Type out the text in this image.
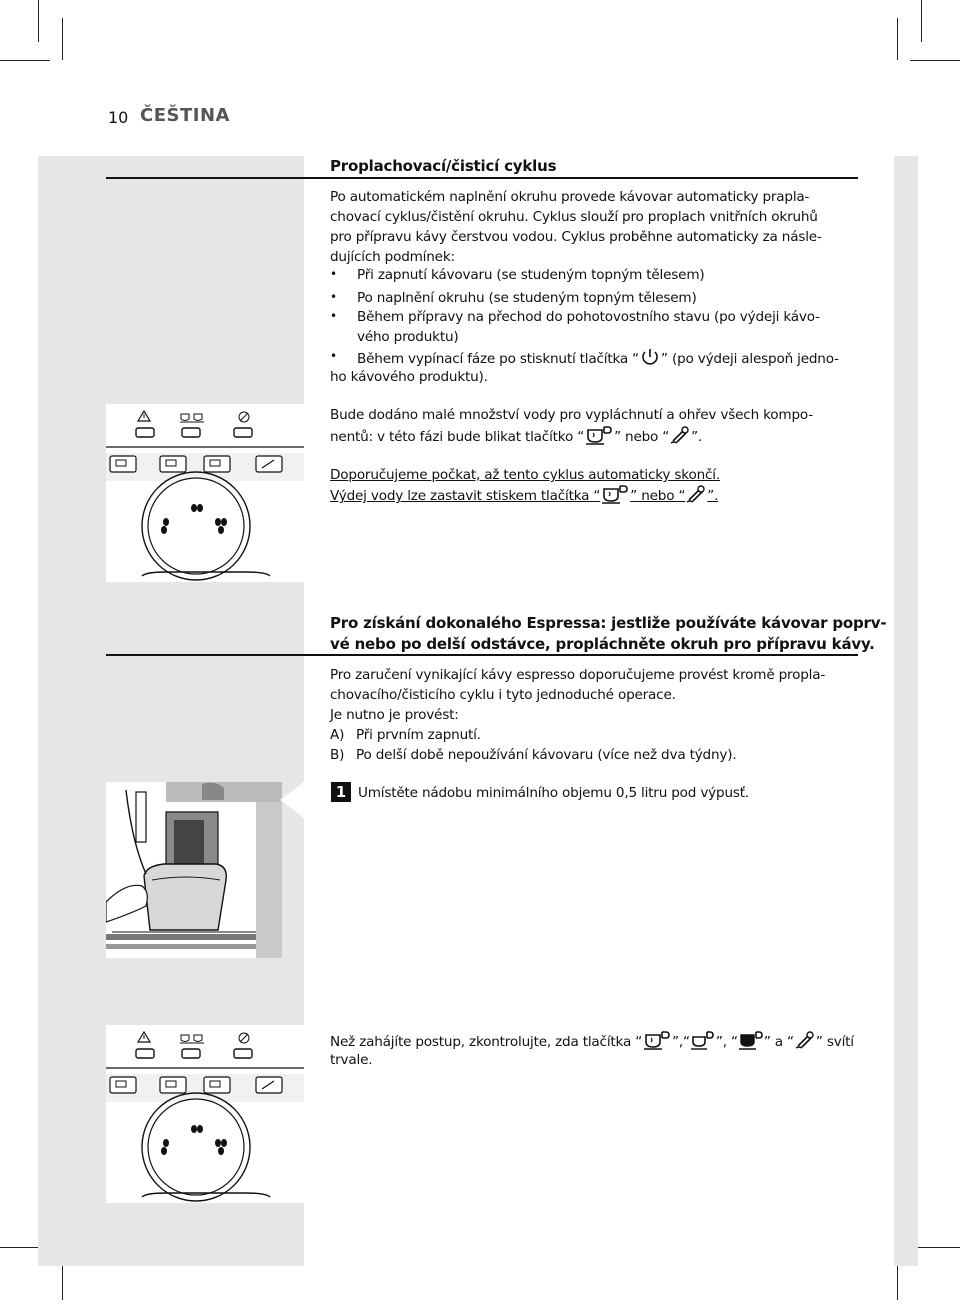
10 ČEŠTINA
Proplachovací/čisticí cyklus
Po automatickém naplnění okruhu provede kávovar automaticky prapla-
chovací cyklus/čistění okruhu. Cyklus slouží pro proplach vnitřních okruhů
pro přípravu kávy čerstvou vodou. Cyklus proběhne automaticky za násle-
dujících podmínek:
• Při zapnutí kávovaru (se studeným topným tělesem)
• Po naplnění okruhu (se studeným topným tělesem)
• Během přípravy na přechod do pohotovostního stavu (po výdeji kávo-
vého produktu)
• Během vypínací fáze po stisknutí tlačítka “ ” (po výdeji alespoň jedno-
ho kávového produktu).
Bude dodáno malé množství vody pro vypláchnutí a ohřev všech kompo-
nentů: v této fázi bude blikat tlačítko “ ” nebo “ ”.
Doporučujeme počkat, až tento cyklus automaticky skončí.
Výdej vody lze zastavit stiskem tlačítka “ ” nebo “ ”.
Pro získání dokonalého Espressa: jestliže používáte kávovar poprv-
vé nebo po delší odstávce, propláchněte okruh pro přípravu kávy.
Pro zaručení vynikající kávy espresso doporučujeme provést kromě propla-
chovacího/čisticího cyklu i tyto jednoduché operace.
Je nutno je provést:
A) Při prvním zapnutí.
B) Po delší době nepoužívání kávovaru (více než dva týdny).
1 Umístěte nádobu minimálního objemu 0,5 litru pod výpusť.
Než zahájíte postup, zkontrolujte, zda tlačítka “ ”,“ ”, “ ” a “ ” svítí
trvale.
